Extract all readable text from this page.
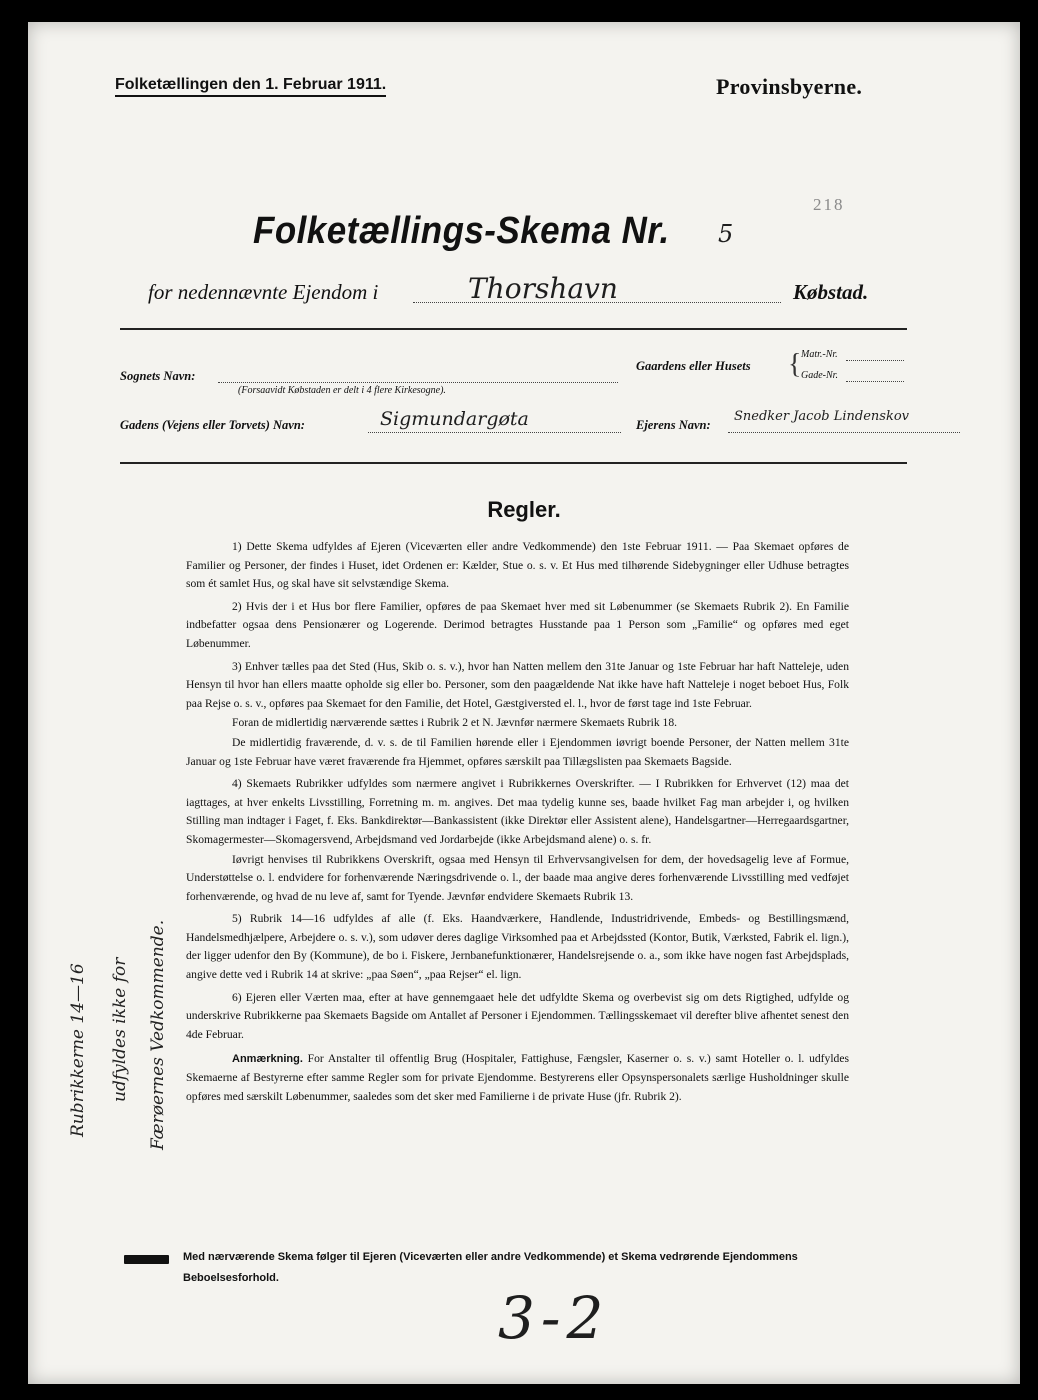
Folketællingen den 1. Februar 1911.	Provinsbyerne.
218
Folketællings-Skema Nr. 5
for nedennævnte Ejendom i	Thorshavn	Købstad.
Sognets Navn:
(Forsaavidt Købstaden er delt i 4 flere Kirkesogne).
Gaardens eller Husets { Matr.-Nr.
Gade-Nr.
Gadens (Vejens eller Torvets) Navn:	Sigmundargøta	Ejerens Navn:
Snedker Jacob Lindenskov
Regler.

1) Dette Skema udfyldes af Ejeren (Viceværten eller andre Vedkommende) den 1ste Februar 1911. — Paa Skemaet opføres de Familier og Personer, der findes i Huset, idet Ordenen er: Kælder, Stue o. s. v. Et Hus med tilhørende Sidebygninger eller Udhuse betragtes som ét samlet Hus, og skal have sit selvstændige Skema.

2) Hvis der i et Hus bor flere Familier, opføres de paa Skemaet hver med sit Løbenummer (se Skemaets Rubrik 2). En Familie indbefatter ogsaa dens Pensionærer og Logerende. Derimod betragtes Husstande paa 1 Person som „Familie“ og opføres med eget Løbenummer.

3) Enhver tælles paa det Sted (Hus, Skib o. s. v.), hvor han Natten mellem den 31te Januar og 1ste Februar har haft Natteleje, uden Hensyn til hvor han ellers maatte opholde sig eller bo. Personer, som den paagældende Nat ikke have haft Natteleje i noget beboet Hus, Folk paa Rejse o. s. v., opføres paa Skemaet for den Familie, det Hotel, Gæstgiversted el. l., hvor de først tage ind 1ste Februar.

Foran de midlertidig nærværende sættes i Rubrik 2 et N. Jævnfør nærmere Skemaets Rubrik 18.

De midlertidig fraværende, d. v. s. de til Familien hørende eller i Ejendommen iøvrigt boende Personer, der Natten mellem 31te Januar og 1ste Februar have været fraværende fra Hjemmet, opføres særskilt paa Tillægslisten paa Skemaets Bagside.

4) Skemaets Rubrikker udfyldes som nærmere angivet i Rubrikkernes Overskrifter. — I Rubrikken for Erhvervet (12) maa det iagttages, at hver enkelts Livsstilling, Forretning m. m. angives. Det maa tydelig kunne ses, baade hvilket Fag man arbejder i, og hvilken Stilling man indtager i Faget, f. Eks. Bankdirektør—Bankassistent (ikke Direktør eller Assistent alene), Handelsgartner—Herregaardsgartner, Skomagermester—Skomagersvend, Arbejdsmand ved Jordarbejde (ikke Arbejdsmand alene) o. s. fr.

Iøvrigt henvises til Rubrikkens Overskrift, ogsaa med Hensyn til Erhvervsangivelsen for dem, der hovedsagelig leve af Formue, Understøttelse o. l. endvidere for forhenværende Næringsdrivende o. l., der baade maa angive deres forhenværende Livsstilling med vedføjet forhenværende, og hvad de nu leve af, samt for Tyende. Jævnfør endvidere Skemaets Rubrik 13.

5) Rubrik 14—16 udfyldes af alle (f. Eks. Haandværkere, Handlende, Industridrivende, Embeds- og Bestillingsmænd, Handelsmedhjælpere, Arbejdere o. s. v.), som udøver deres daglige Virksomhed paa et Arbejdssted (Kontor, Butik, Værksted, Fabrik el. lign.), der ligger udenfor den By (Kommune), de bo i. Fiskere, Jernbanefunktionærer, Handelsrejsende o. a., som ikke have nogen fast Arbejdsplads, angive dette ved i Rubrik 14 at skrive: „paa Søen“, „paa Rejser“ el. lign.

6) Ejeren eller Værten maa, efter at have gennemgaaet hele det udfyldte Skema og overbevist sig om dets Rigtighed, udfylde og underskrive Rubrikkerne paa Skemaets Bagside om Antallet af Personer i Ejendommen. Tællingsskemaet vil derefter blive afhentet senest den 4de Februar.

Anmærkning. For Anstalter til offentlig Brug (Hospitaler, Fattighuse, Fængsler, Kaserner o. s. v.) samt Hoteller o. l. udfyldes Skemaerne af Bestyrerne efter samme Regler som for private Ejendomme. Bestyrerens eller Opsynspersonalets særlige Husholdninger skulle opføres med særskilt Løbenummer, saaledes som det sker med Familierne i de private Huse (jfr. Rubrik 2).

Rubrikkerne 14—16 udfyldes ikke for Færøernes Vedkommende.
Med nærværende Skema følger til Ejeren (Viceværten eller andre Vedkommende) et Skema vedrørende Ejendommens Beboelsesforhold.
3-2
